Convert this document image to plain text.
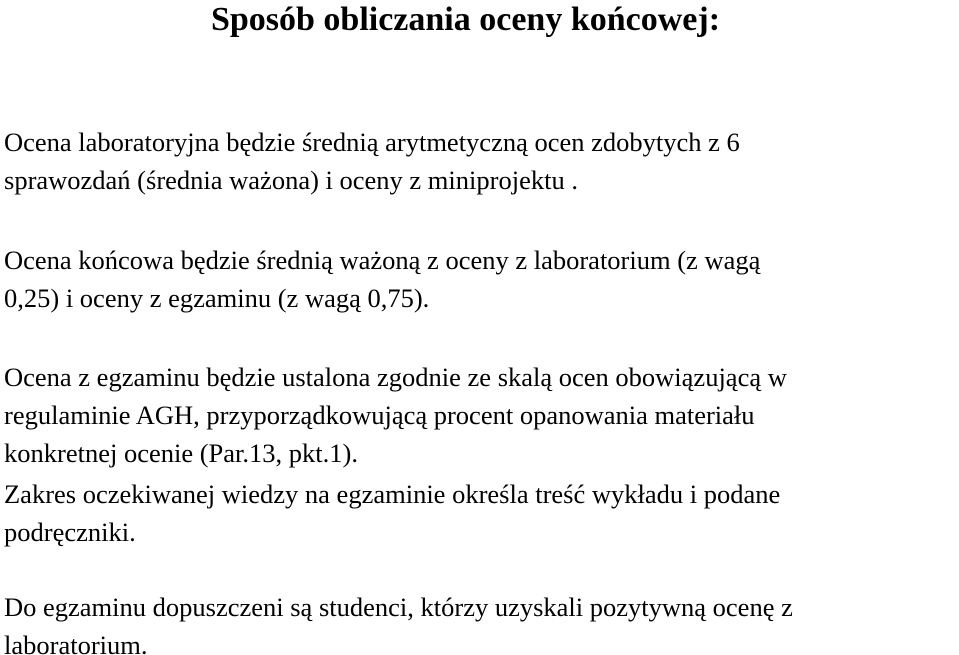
Sposób obliczania oceny końcowej:

Ocena laboratoryjna będzie średnią arytmetyczną ocen zdobytych z 6
sprawozdań (średnia ważona) i oceny z miniprojektu .

Ocena końcowa będzie średnią ważoną z oceny z laboratorium (z wagą
0,25) i oceny z egzaminu (z wagą 0,75).

Ocena z egzaminu będzie ustalona zgodnie ze skalą ocen obowiązującą w
regulaminie AGH, przyporządkowującą procent opanowania materiału
konkretnej ocenie (Par.13, pkt.1).

Zakres oczekiwanej wiedzy na egzaminie określa treść wykładu i podane
podręczniki.

Do egzaminu dopuszczeni są studenci, którzy uzyskali pozytywną ocenę z
laboratorium.
